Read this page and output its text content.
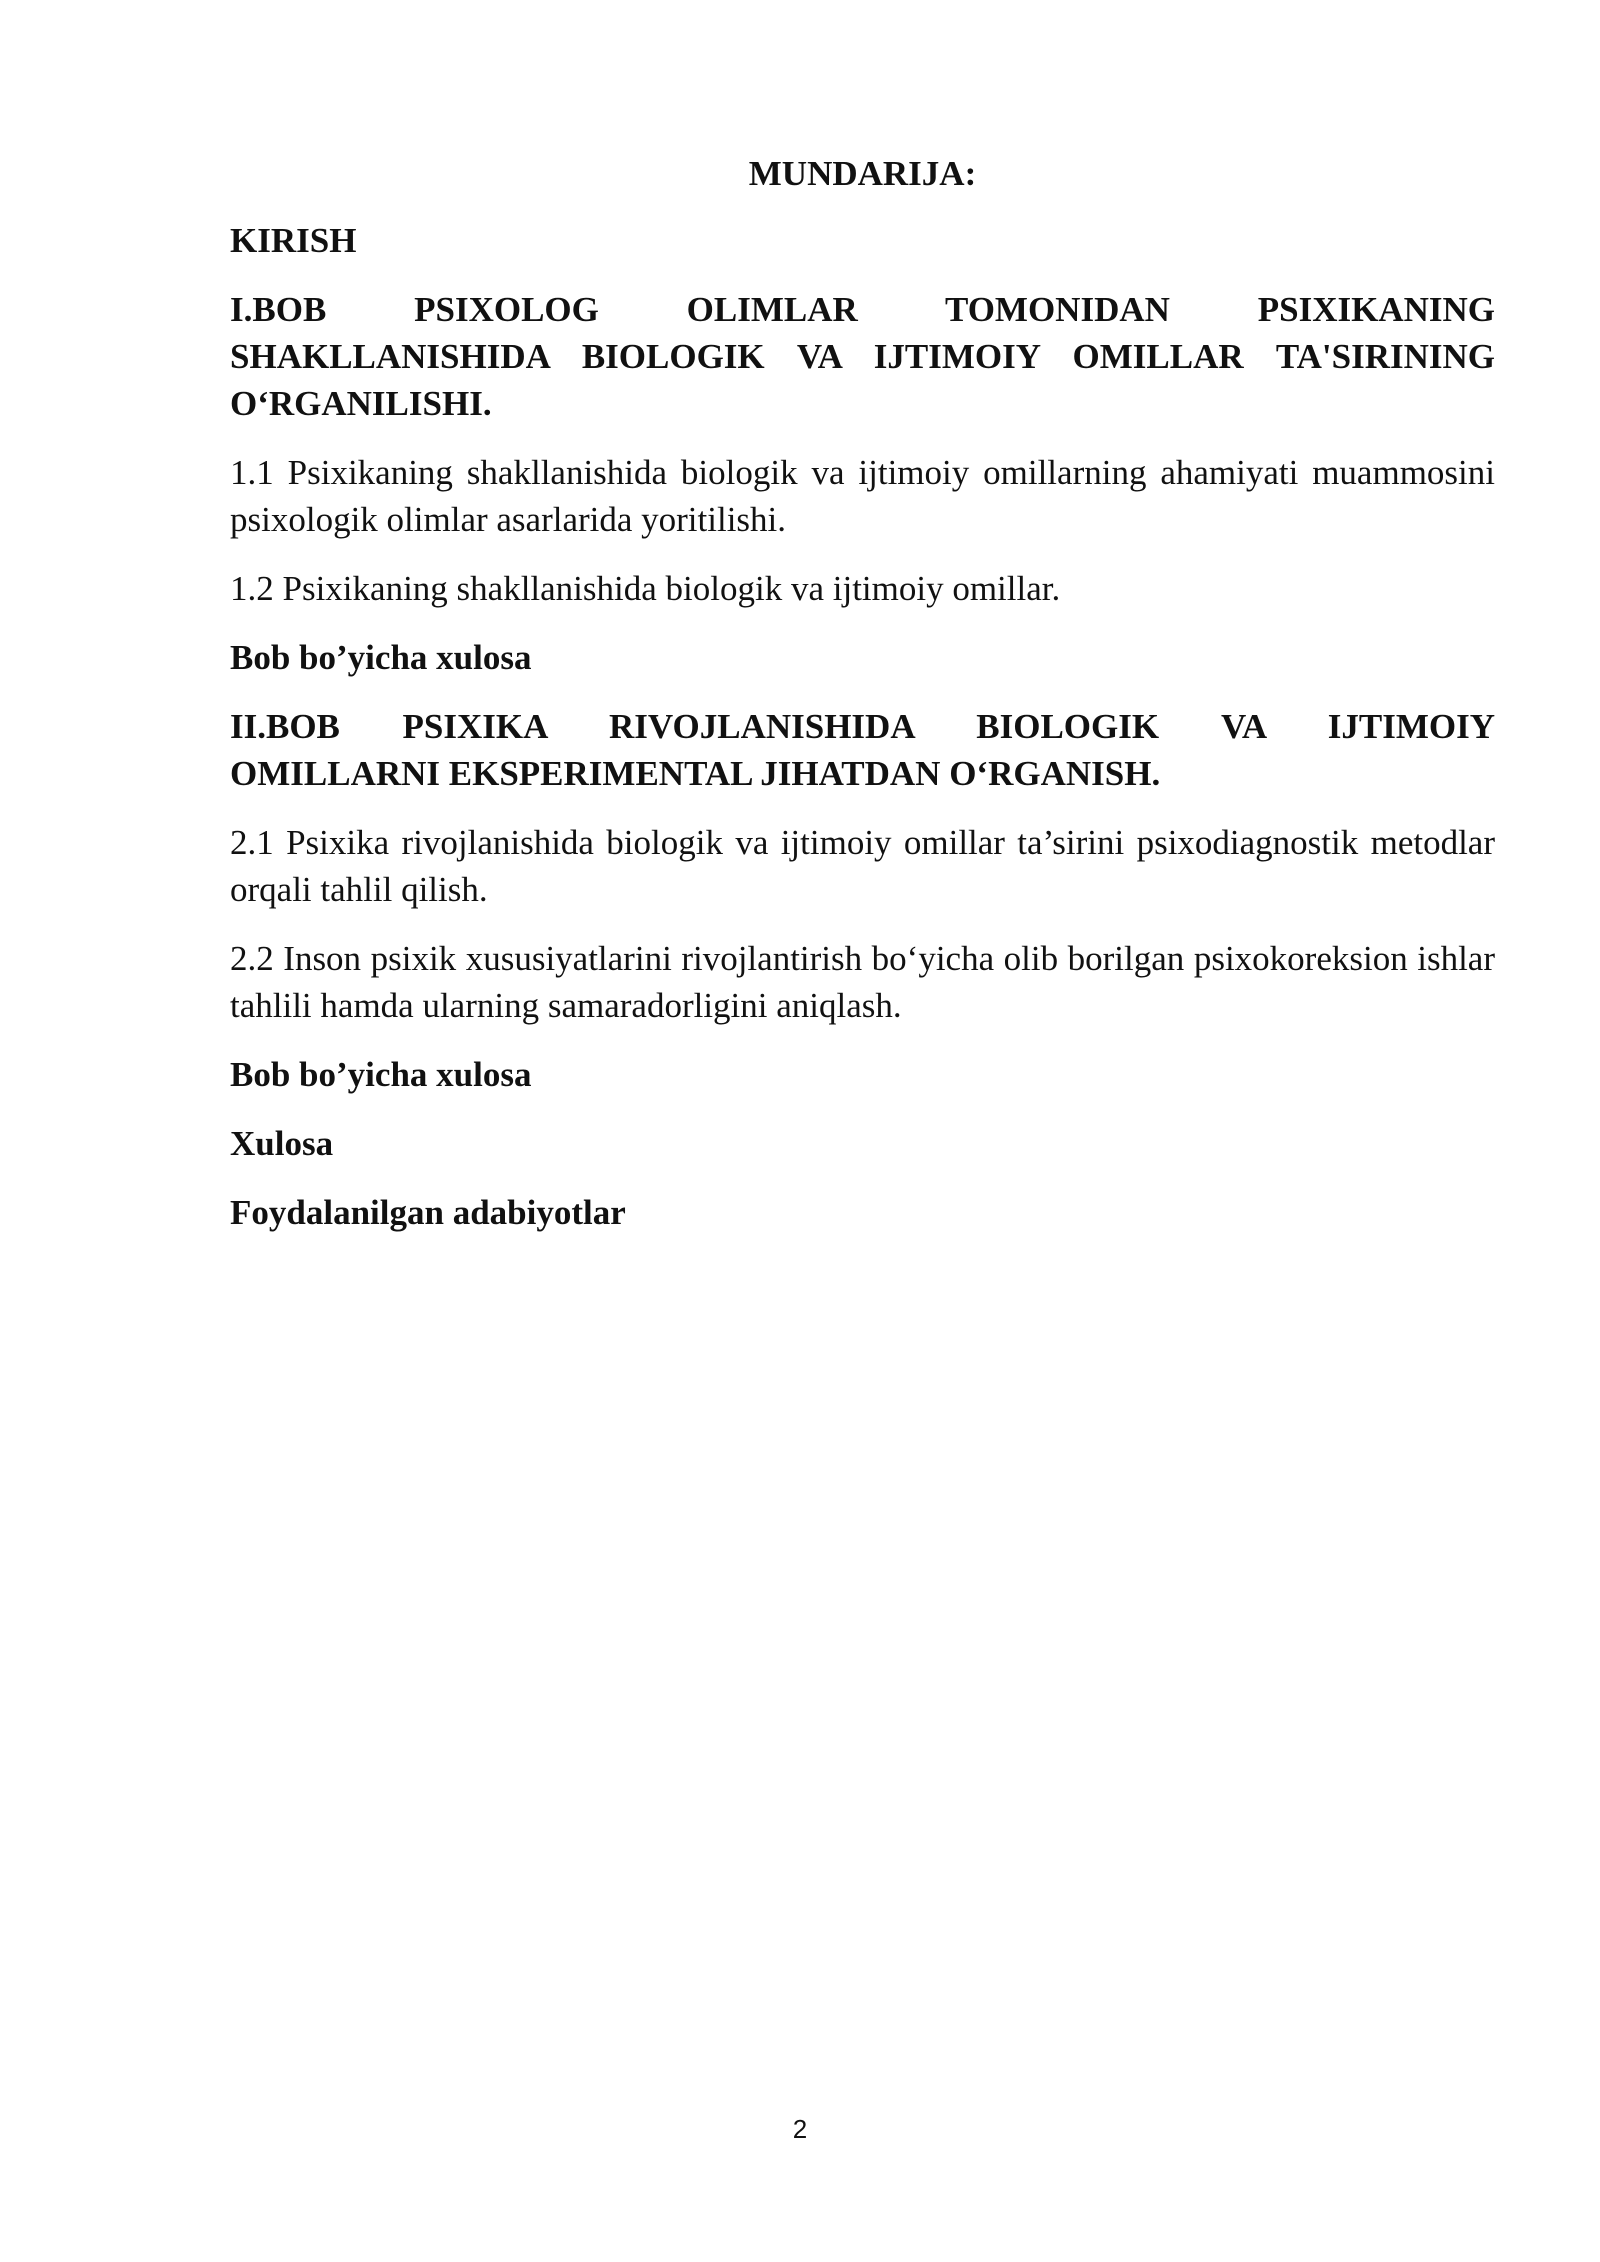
MUNDARIJA:
KIRISH
I.BOB PSIXOLOG OLIMLAR TOMONIDAN PSIXIKANING
SHAKLLANISHIDA BIOLOGIK VA IJTIMOIY OMILLAR TA'SIRINING O‘RGANILISHI.
1.1 Psixikaning shakllanishida biologik va ijtimoiy omillarning ahamiyati muammosini psixologik olimlar asarlarida yoritilishi.
1.2 Psixikaning shakllanishida biologik va ijtimoiy omillar.
Bob bo’yicha xulosa
II.BOB PSIXIKA RIVOJLANISHIDA BIOLOGIK VA IJTIMOIY
OMILLARNI EKSPERIMENTAL JIHATDAN O‘RGANISH.
2.1 Psixika rivojlanishida biologik va ijtimoiy omillar ta’sirini psixodiagnostik metodlar orqali tahlil qilish.
2.2 Inson psixik xususiyatlarini rivojlantirish bo‘yicha olib borilgan psixokoreksion ishlar tahlili hamda ularning samaradorligini aniqlash.
Bob bo’yicha xulosa
Xulosa
Foydalanilgan adabiyotlar
2
